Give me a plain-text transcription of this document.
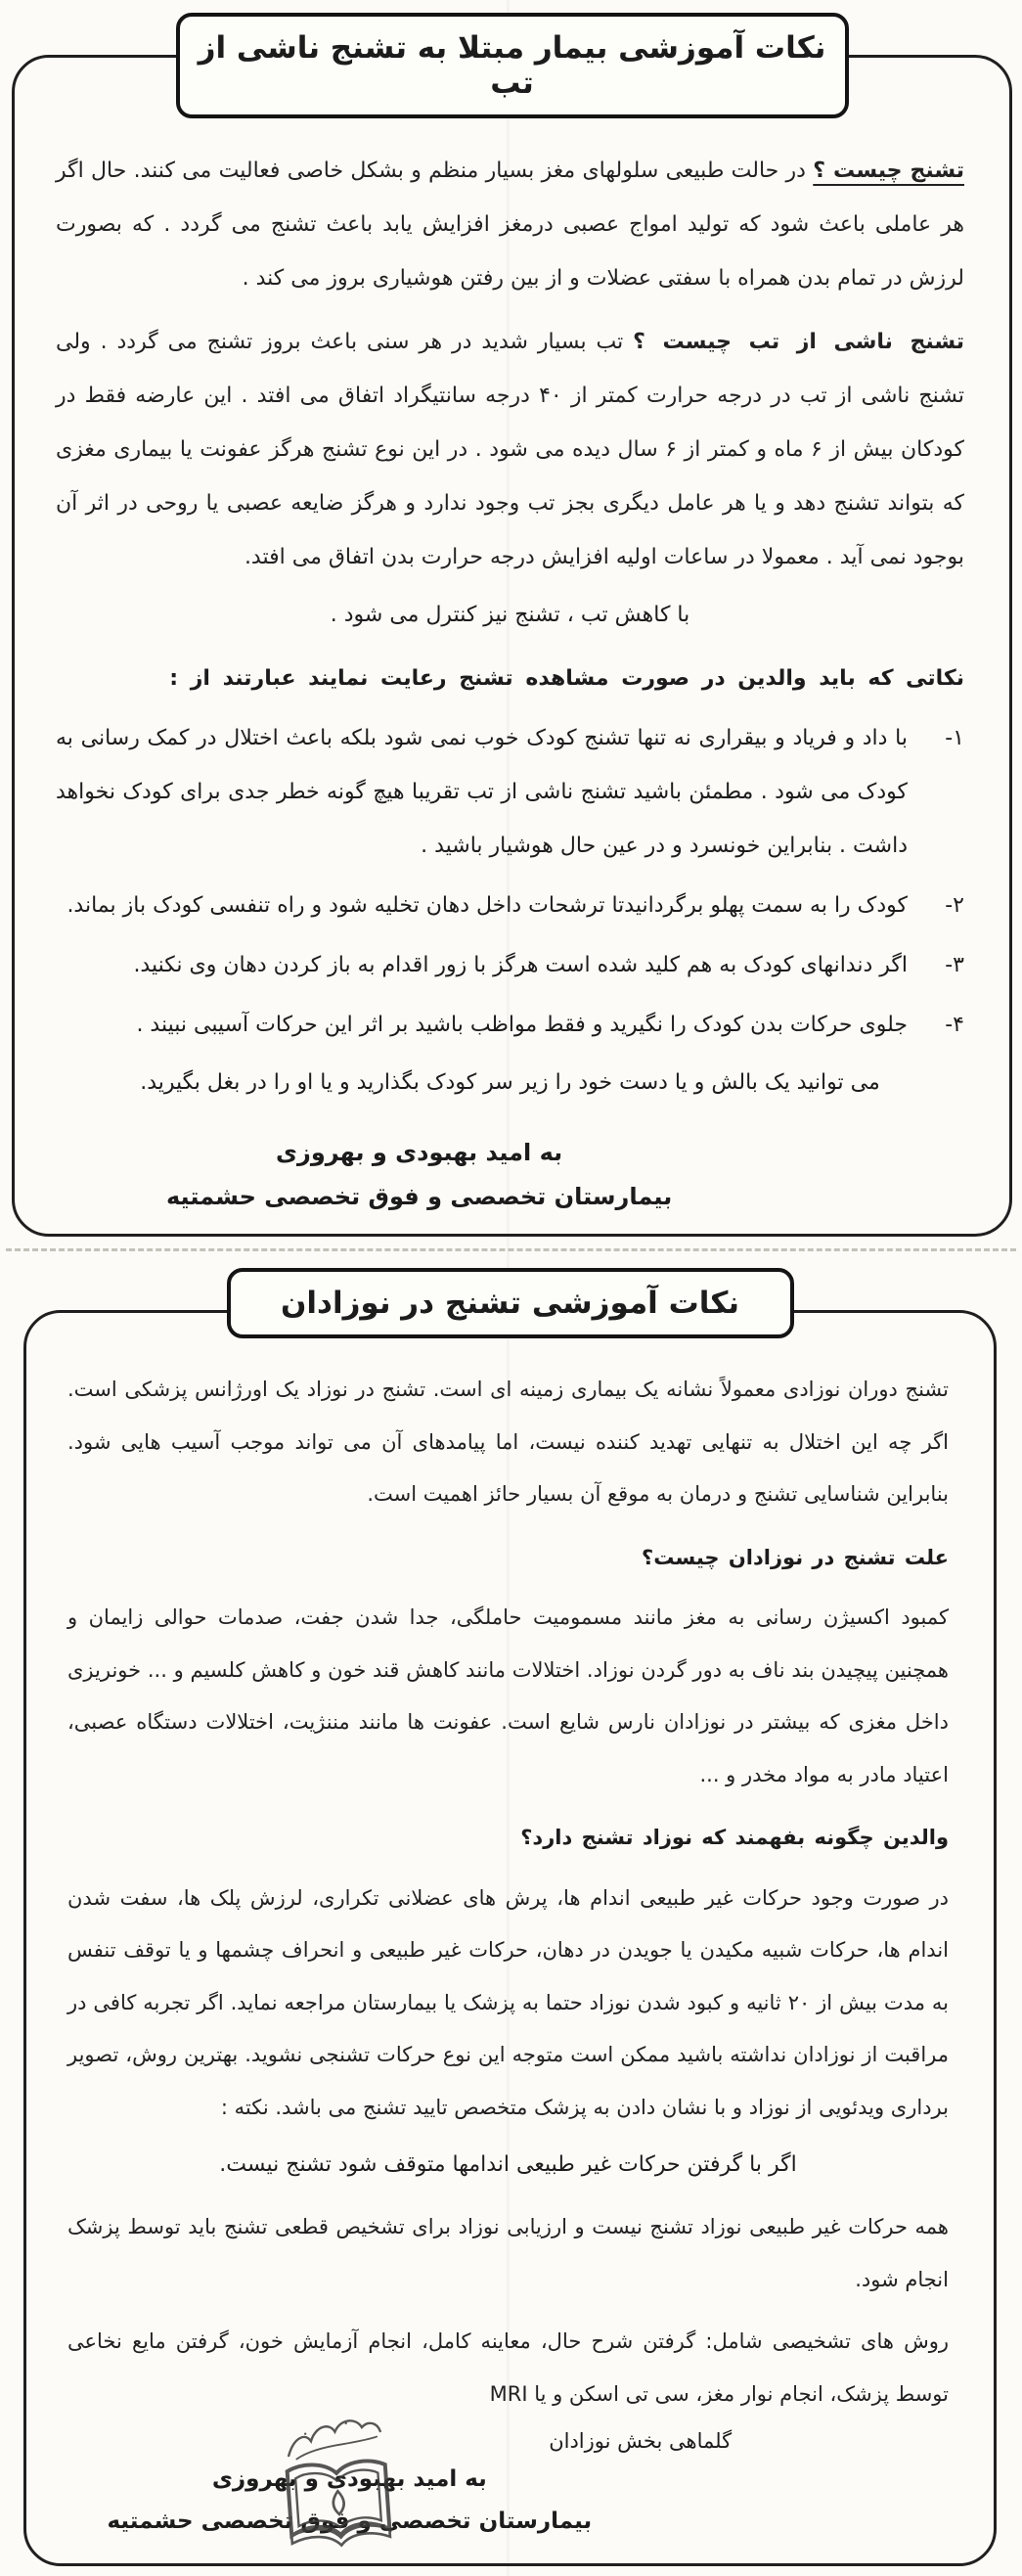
نکات آموزشی بیمار مبتلا به تشنج ناشی از تب

تشنج چیست ؟ در حالت طبیعی سلولهای مغز بسیار منظم و بشکل خاصی فعالیت می کنند. حال اگر هر عاملی باعث شود که تولید امواج عصبی درمغز افزایش یابد باعث تشنج می گردد . که بصورت لرزش در تمام بدن همراه با سفتی عضلات و از بین رفتن هوشیاری بروز می کند .

تشنج ناشی از تب چیست ؟ تب بسیار شدید در هر سنی باعث بروز تشنج می گردد . ولی تشنج ناشی از تب در درجه حرارت کمتر از ۴۰ درجه سانتیگراد اتفاق می افتد . این عارضه فقط در کودکان بیش از ۶ ماه و کمتر از ۶ سال دیده می شود . در این نوع تشنج هرگز عفونت یا بیماری مغزی که بتواند تشنج دهد و یا هر عامل دیگری بجز تب وجود ندارد و هرگز ضایعه عصبی یا روحی در اثر آن بوجود نمی آید . معمولا در ساعات اولیه افزایش درجه حرارت بدن اتفاق می افتد.

با کاهش تب ، تشنج نیز کنترل می شود .

نکاتی که باید والدین در صورت مشاهده تشنج رعایت نمایند عبارتند از :

۱-
با داد و فریاد و بیقراری نه تنها تشنج کودک خوب نمی شود بلکه باعث اختلال در کمک رسانی به کودک می شود . مطمئن باشید تشنج ناشی از تب تقریبا هیچ گونه خطر جدی برای کودک نخواهد داشت . بنابراین خونسرد و در عین حال هوشیار باشید .
۲-
کودک را به سمت پهلو برگردانیدتا ترشحات داخل دهان تخلیه شود و راه تنفسی کودک باز بماند.
۳-
اگر دندانهای کودک به هم کلید شده است هرگز با زور اقدام به باز کردن دهان وی نکنید.
۴-
جلوی حرکات بدن کودک را نگیرید و فقط مواظب باشید بر اثر این حرکات آسیبی نبیند .

می توانید یک بالش و یا دست خود را زیر سر کودک بگذارید و یا او را در بغل بگیرید.

به امید بهبودی و بهروزی
بیمارستان تخصصی و فوق تخصصی حشمتیه
نکات آموزشی تشنج در نوزادان

تشنج دوران نوزادی معمولاً نشانه یک بیماری زمینه ای است. تشنج در نوزاد یک اورژانس پزشکی است. اگر چه این اختلال به تنهایی تهدید کننده نیست، اما پیامدهای آن می تواند موجب آسیب هایی شود. بنابراین شناسایی تشنج و درمان به موقع آن بسیار حائز اهمیت است.

علت تشنج در نوزادان چیست؟

کمبود اکسیژن رسانی به مغز مانند مسمومیت حاملگی، جدا شدن جفت، صدمات حوالی زایمان و همچنین پیچیدن بند ناف به دور گردن نوزاد. اختلالات مانند کاهش قند خون و کاهش کلسیم و ... خونریزی داخل مغزی که بیشتر در نوزادان نارس شایع است. عفونت ها مانند مننژیت، اختلالات دستگاه عصبی، اعتیاد مادر به مواد مخدر و ...

والدین چگونه بفهمند که نوزاد تشنج دارد؟

در صورت وجود حرکات غیر طبیعی اندام ها، پرش های عضلانی تکراری، لرزش پلک ها، سفت شدن اندام ها، حرکات شبیه مکیدن یا جویدن در دهان، حرکات غیر طبیعی و انحراف چشمها و یا توقف تنفس به مدت بیش از ۲۰ ثانیه و کبود شدن نوزاد حتما به پزشک یا بیمارستان مراجعه نماید. اگر تجربه کافی در مراقبت از نوزادان نداشته باشید ممکن است متوجه این نوع حرکات تشنجی نشوید. بهترین روش، تصویر برداری ویدئویی از نوزاد و با نشان دادن به پزشک متخصص تایید تشنج می باشد. نکته :

اگر با گرفتن حرکات غیر طبیعی اندامها متوقف شود تشنج نیست.

همه حرکات غیر طبیعی نوزاد تشنج نیست و ارزیابی نوزاد برای تشخیص قطعی تشنج باید توسط پزشک انجام شود.

روش های تشخیصی شامل: گرفتن شرح حال، معاینه کامل، انجام آزمایش خون، گرفتن مایع نخاعی توسط پزشک، انجام نوار مغز، سی تی اسکن و یا MRI

گلماهی بخش نوزادان
به امید بهبودی و بهروزی
بیمارستان تخصصی و فوق تخصصی حشمتیه
